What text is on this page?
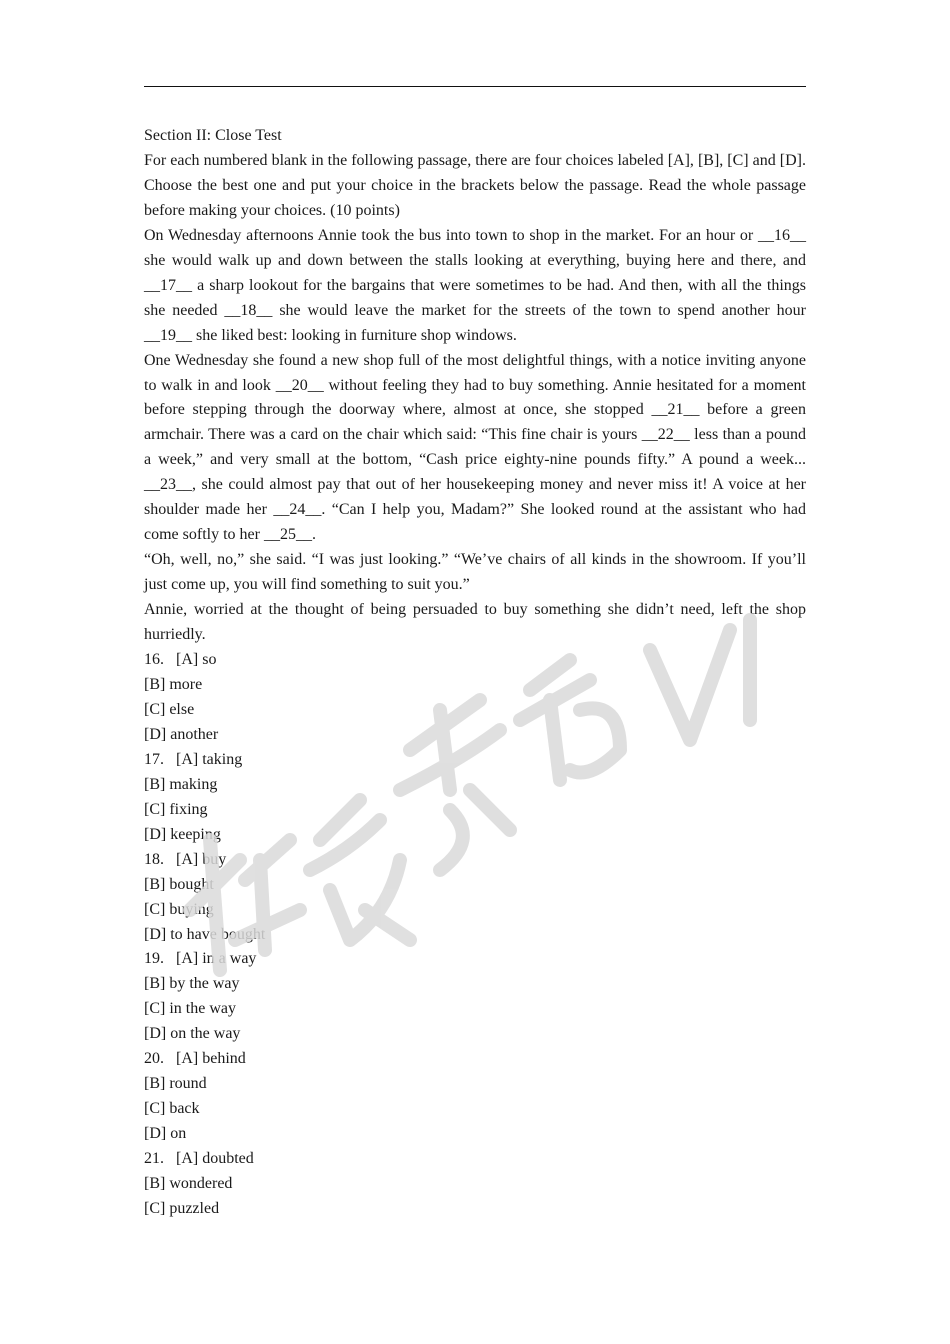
Section II: Close Test

For each numbered blank in the following passage, there are four choices labeled [A], [B], [C] and [D]. Choose the best one and put your choice in the brackets below the passage. Read the whole passage before making your choices. (10 points)

On Wednesday afternoons Annie took the bus into town to shop in the market. For an hour or __16__ she would walk up and down between the stalls looking at everything, buying here and there, and __17__ a sharp lookout for the bargains that were sometimes to be had. And then, with all the things she needed __18__ she would leave the market for the streets of the town to spend another hour __19__ she liked best: looking in furniture shop windows.

One Wednesday she found a new shop full of the most delightful things, with a notice inviting anyone to walk in and look __20__ without feeling they had to buy something. Annie hesitated for a moment before stepping through the doorway where, almost at once, she stopped __21__ before a green armchair. There was a card on the chair which said: “This fine chair is yours __22__ less than a pound a week,” and very small at the bottom, “Cash price eighty-nine pounds fifty.” A pound a week... __23__, she could almost pay that out of her housekeeping money and never miss it! A voice at her shoulder made her __24__. “Can I help you, Madam?” She looked round at the assistant who had come softly to her __25__.

“Oh, well, no,” she said. “I was just looking.” “We’ve chairs of all kinds in the showroom. If you’ll just come up, you will find something to suit you.”

Annie, worried at the thought of being persuaded to buy something she didn’t need, left the shop hurriedly.

16. [A] so

[B] more

[C] else

[D] another

17. [A] taking

[B] making

[C] fixing

[D] keeping

18. [A] buy

[B] bought

[C] buying

[D] to have bought

19. [A] in a way

[B] by the way

[C] in the way

[D] on the way

20. [A] behind

[B] round

[C] back

[D] on

21. [A] doubted

[B] wondered

[C] puzzled
